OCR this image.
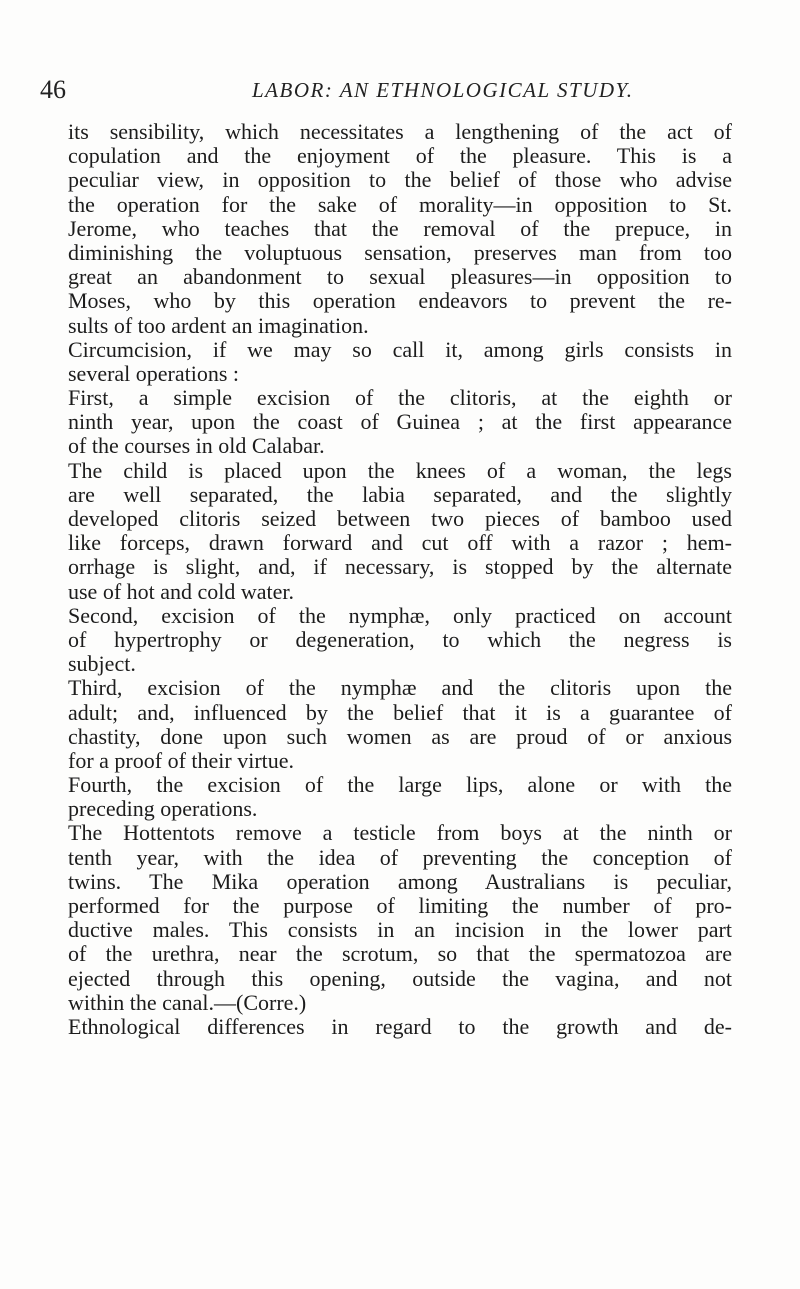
46	LABOR: AN ETHNOLOGICAL STUDY.
its sensibility, which necessitates a lengthening of the act of
copulation and the enjoyment of the pleasure. This is a
peculiar view, in opposition to the belief of those who advise
the operation for the sake of morality—in opposition to St.
Jerome, who teaches that the removal of the prepuce, in
diminishing the voluptuous sensation, preserves man from too
great an abandonment to sexual pleasures—in opposition to
Moses, who by this operation endeavors to prevent the re-
sults of too ardent an imagination.
Circumcision, if we may so call it, among girls consists in
several operations :
First, a simple excision of the clitoris, at the eighth or
ninth year, upon the coast of Guinea ; at the first appearance
of the courses in old Calabar.
The child is placed upon the knees of a woman, the legs
are well separated, the labia separated, and the slightly
developed clitoris seized between two pieces of bamboo used
like forceps, drawn forward and cut off with a razor ; hem-
orrhage is slight, and, if necessary, is stopped by the alternate
use of hot and cold water.
Second, excision of the nymphæ, only practiced on account
of hypertrophy or degeneration, to which the negress is
subject.
Third, excision of the nymphæ and the clitoris upon the
adult; and, influenced by the belief that it is a guarantee of
chastity, done upon such women as are proud of or anxious
for a proof of their virtue.
Fourth, the excision of the large lips, alone or with the
preceding operations.
The Hottentots remove a testicle from boys at the ninth or
tenth year, with the idea of preventing the conception of
twins. The Mika operation among Australians is peculiar,
performed for the purpose of limiting the number of pro-
ductive males. This consists in an incision in the lower part
of the urethra, near the scrotum, so that the spermatozoa are
ejected through this opening, outside the vagina, and not
within the canal.—(Corre.)
Ethnological differences in regard to the growth and de-
